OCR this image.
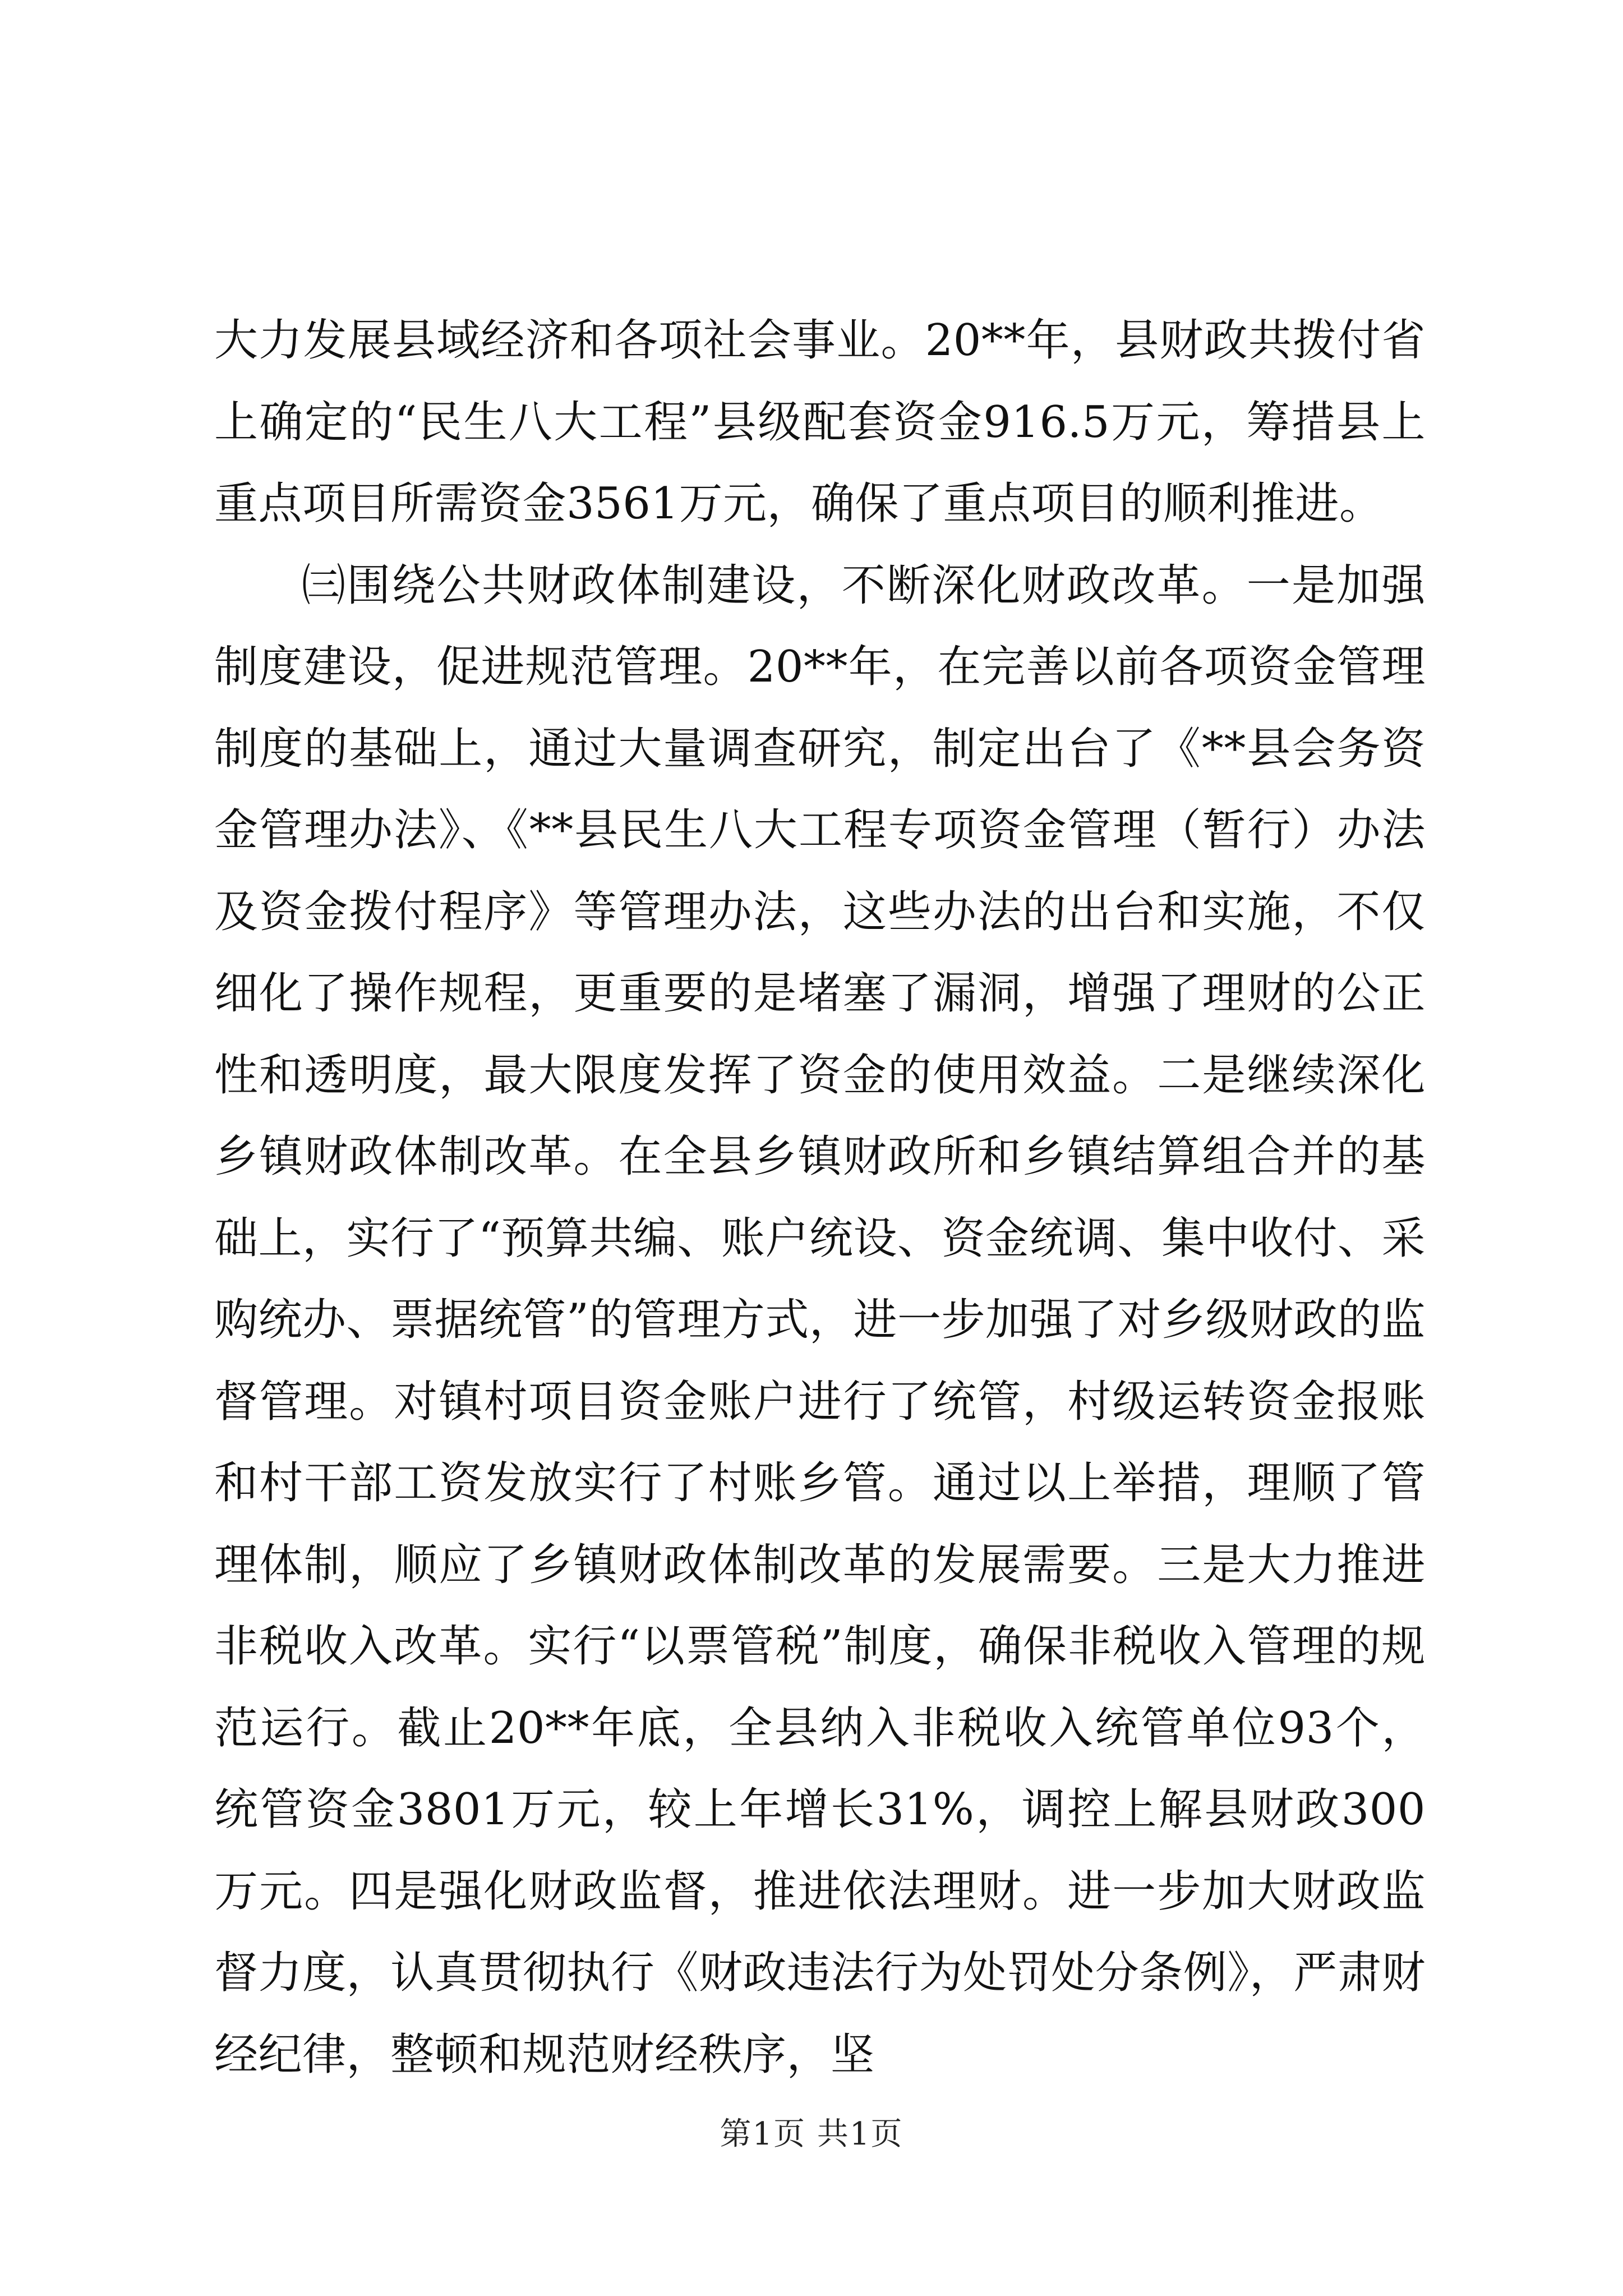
大力发展县域经济和各项社会事业。20**年，县财政共拨付省上确定的“民生八大工程”县级配套资金916.5万元，筹措县上重点项目所需资金3561万元，确保了重点项目的顺利推进。

㈢围绕公共财政体制建设，不断深化财政改革。一是加强制度建设，促进规范管理。20**年，在完善以前各项资金管理制度的基础上，通过大量调查研究，制定出台了《**县会务资金管理办法》、《**县民生八大工程专项资金管理（暂行）办法及资金拨付程序》等管理办法，这些办法的出台和实施，不仅细化了操作规程，更重要的是堵塞了漏洞，增强了理财的公正性和透明度，最大限度发挥了资金的使用效益。二是继续深化乡镇财政体制改革。在全县乡镇财政所和乡镇结算组合并的基础上，实行了“预算共编、账户统设、资金统调、集中收付、采购统办、票据统管”的管理方式，进一步加强了对乡级财政的监督管理。对镇村项目资金账户进行了统管，村级运转资金报账和村干部工资发放实行了村账乡管。通过以上举措，理顺了管理体制，顺应了乡镇财政体制改革的发展需要。三是大力推进非税收入改革。实行“以票管税”制度，确保非税收入管理的规范运行。截止20**年底，全县纳入非税收入统管单位93个，统管资金3801万元，较上年增长31%，调控上解县财政300万元。四是强化财政监督，推进依法理财。进一步加大财政监督力度，认真贯彻执行《财政违法行为处罚处分条例》，严肃财经纪律，整顿和规范财经秩序，坚

第1页 共1页
